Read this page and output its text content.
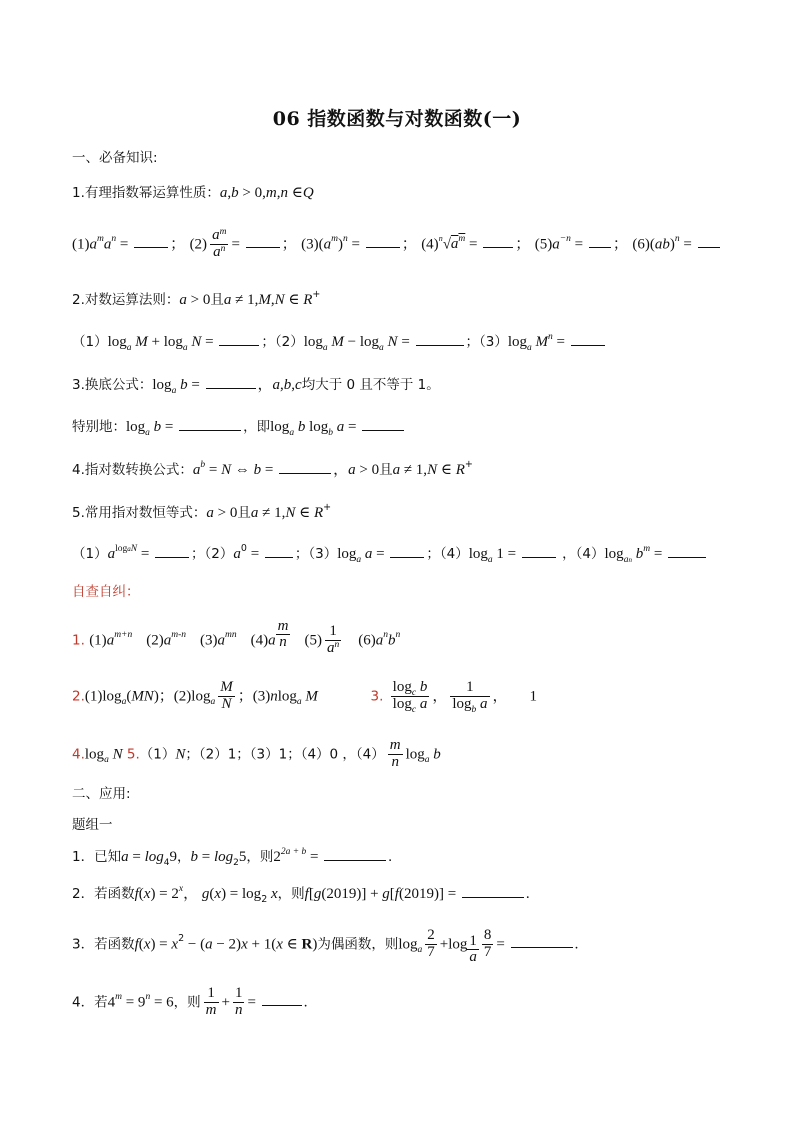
06 指数函数与对数函数(一)
一、必备知识:
1.有理指数幂运算性质：a,b > 0,m,n ∈Q
$(1)a^ma^n$ =	； $(2) \frac{a^m}{a^n}$ =	； $(3)(a^m)^n$ =	； $(4)^n√a^m$ = ； $(5)a^{-n}$ = ； (6)(ab)$^n$ =
2.对数运算法则：a > 0且a ≠ 1,M,N ∈ R+
$(1)\log_a$ $M + \log_a N$ =	；$(2)\log_a$ $M - \log_a N$ =	；$(3)\log_a$ $M^n$ =
3.换底公式：$\log_a b$ =	，a,b,c均大于 0 且不等于 1。
特别地：$\log_a b$ =	，即$\log_a b$ $\log_b a$ =
4.指对数转换公式：$a^b = N$ ⇔ b =	，a > 0且a ≠ 1,N ∈ R+
5.常用指对数恒等式：a > 0且a ≠ 1,N ∈ R+
$(1)a^{logaN}$ =	；$(2)a^0$ = ；$(3)\log_a$ a =	；$(4)\log_a$ 1 =	，$(4)\log_{an}$ $b^m$ =
自查自纠：
1. $(1)a^{m+n}$ $(2)a^{m-n}$ $(3)a^{mn}$ (4)a $^{\frac{m}{n}}$ $(5) \frac{1}{a^n} (6)a^nb^n$
$2.(1)\log_a(MN)$；$(2)\log_a \frac{M}{N}$ ；(3)nlog$_a$ M	3. $\frac{\log_c b}{\log_c a}$ ， $\frac{1}{\log_b a}$ ， 1
$4.\log_a$ N 5.（1）N；（2）1；（3）1；（4）0 ，$(4) \frac{m}{n} \log_a b$
二、应用:
题组一
1．已知$a = \log_49$，$b = \log_25$，则$2^{2a + b}$ =	.
2．若函数$f(x) = 2^x$， $g(x) = \log_2 x$，则f[g(2019)] + g[f(2019)] =	.
3．若函数$f(x) = x^2 - (a - 2)x + 1(x$ ∈ R)为偶函数，则$\log_a \frac{2}{7} +\log$ $_{\frac{1}{a}} \frac{8}{7}$ =	.
4．若$4^m = 9^n = 6$，则 $\frac{1}{m} + \frac{1}{n}$ =	.
